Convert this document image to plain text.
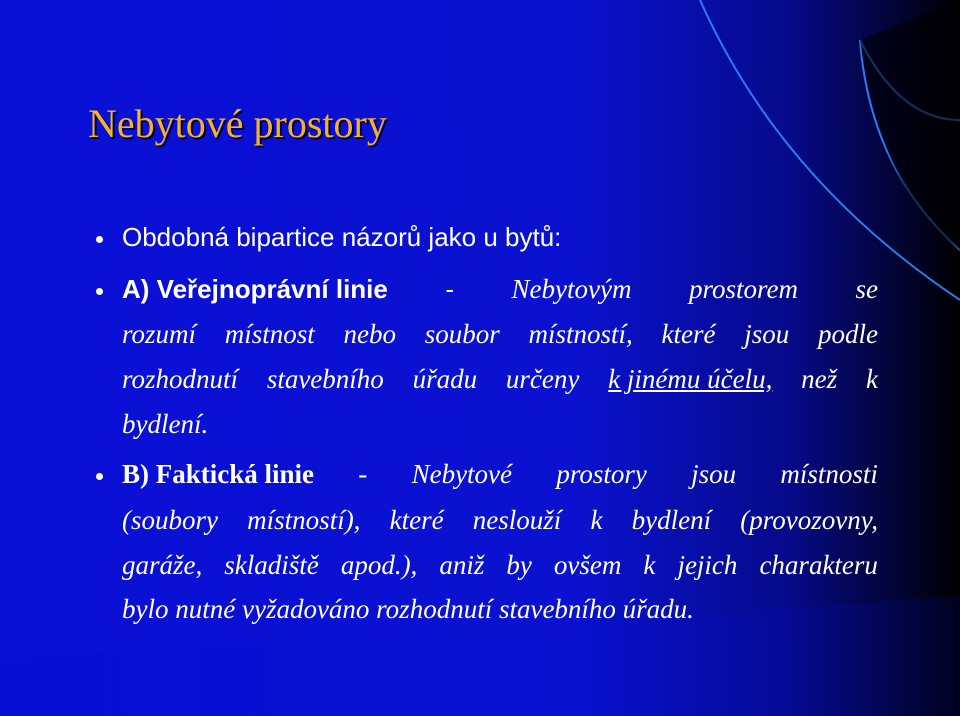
Nebytové prostory
Obdobná bipartice názorů jako u bytů:
A) Veřejnoprávní linie - Nebytovým prostorem se
rozumí místnost nebo soubor místností, které jsou podle
rozhodnutí stavebního úřadu určeny k jinému účelu, než k
bydlení.
B) Faktická linie - Nebytové prostory jsou místnosti
(soubory místností), které neslouží k bydlení (provozovny,
garáže, skladiště apod.), aniž by ovšem k jejich charakteru
bylo nutné vyžadováno rozhodnutí stavebního úřadu.
